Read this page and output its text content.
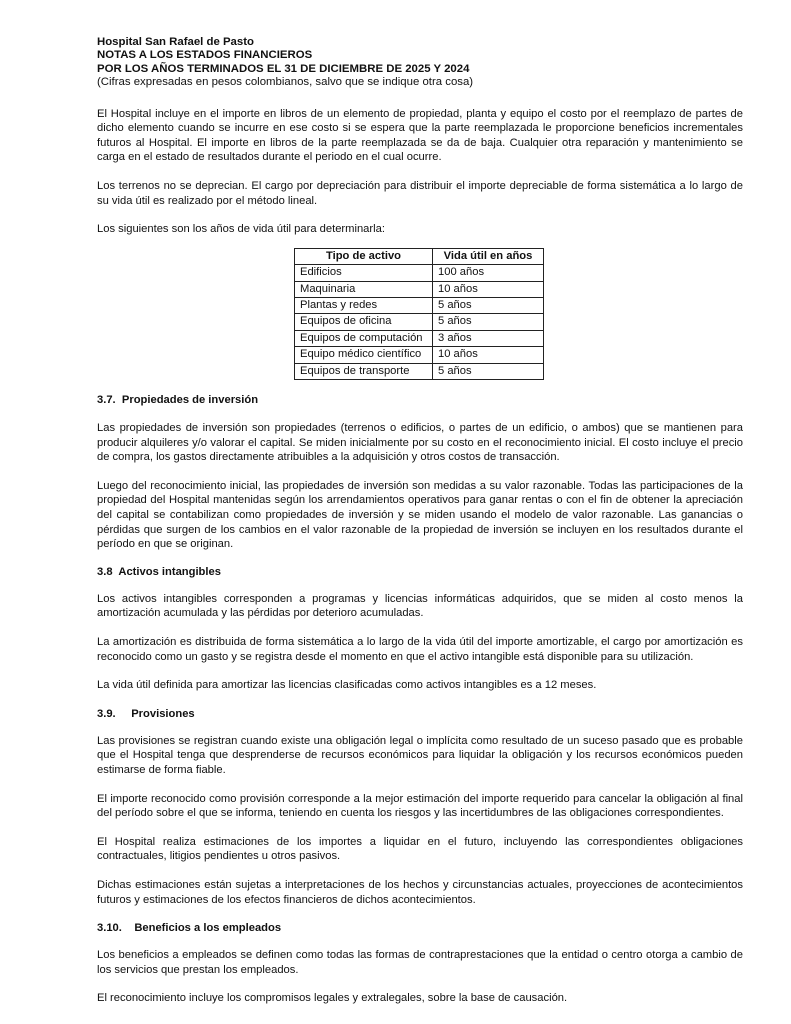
Hospital San Rafael de Pasto
NOTAS A LOS ESTADOS FINANCIEROS
POR LOS AÑOS TERMINADOS EL 31 DE DICIEMBRE DE 2025 Y 2024
(Cifras expresadas en pesos colombianos, salvo que se indique otra cosa)

El Hospital incluye en el importe en libros de un elemento de propiedad, planta y equipo el costo por el reemplazo de partes de dicho elemento cuando se incurre en ese costo si se espera que la parte reemplazada le proporcione beneficios incrementales futuros al Hospital. El importe en libros de la parte reemplazada se da de baja. Cualquier otra reparación y mantenimiento se carga en el estado de resultados durante el periodo en el cual ocurre.

Los terrenos no se deprecian. El cargo por depreciación para distribuir el importe depreciable de forma sistemática a lo largo de su vida útil es realizado por el método lineal.

Los siguientes son los años de vida útil para determinarla:

Tipo de activo	Vida útil en años
Edificios	100 años
Maquinaria	10 años
Plantas y redes	5 años
Equipos de oficina	5 años
Equipos de computación	3 años
Equipo médico científico	10 años
Equipos de transporte	5 años
3.7. Propiedades de inversión

Las propiedades de inversión son propiedades (terrenos o edificios, o partes de un edificio, o ambos) que se mantienen para producir alquileres y/o valorar el capital. Se miden inicialmente por su costo en el reconocimiento inicial. El costo incluye el precio de compra, los gastos directamente atribuibles a la adquisición y otros costos de transacción.

Luego del reconocimiento inicial, las propiedades de inversión son medidas a su valor razonable. Todas las participaciones de la propiedad del Hospital mantenidas según los arrendamientos operativos para ganar rentas o con el fin de obtener la apreciación del capital se contabilizan como propiedades de inversión y se miden usando el modelo de valor razonable. Las ganancias o pérdidas que surgen de los cambios en el valor razonable de la propiedad de inversión se incluyen en los resultados durante el período en que se originan.

3.8 Activos intangibles

Los activos intangibles corresponden a programas y licencias informáticas adquiridos, que se miden al costo menos la amortización acumulada y las pérdidas por deterioro acumuladas.

La amortización es distribuida de forma sistemática a lo largo de la vida útil del importe amortizable, el cargo por amortización es reconocido como un gasto y se registra desde el momento en que el activo intangible está disponible para su utilización.

La vida útil definida para amortizar las licencias clasificadas como activos intangibles es a 12 meses.

3.9. Provisiones

Las provisiones se registran cuando existe una obligación legal o implícita como resultado de un suceso pasado que es probable que el Hospital tenga que desprenderse de recursos económicos para liquidar la obligación y los recursos económicos pueden estimarse de forma fiable.

El importe reconocido como provisión corresponde a la mejor estimación del importe requerido para cancelar la obligación al final del período sobre el que se informa, teniendo en cuenta los riesgos y las incertidumbres de las obligaciones correspondientes.

El Hospital realiza estimaciones de los importes a liquidar en el futuro, incluyendo las correspondientes obligaciones contractuales, litigios pendientes u otros pasivos.

Dichas estimaciones están sujetas a interpretaciones de los hechos y circunstancias actuales, proyecciones de acontecimientos futuros y estimaciones de los efectos financieros de dichos acontecimientos.

3.10. Beneficios a los empleados

Los beneficios a empleados se definen como todas las formas de contraprestaciones que la entidad o centro otorga a cambio de los servicios que prestan los empleados.

El reconocimiento incluye los compromisos legales y extralegales, sobre la base de causación.
